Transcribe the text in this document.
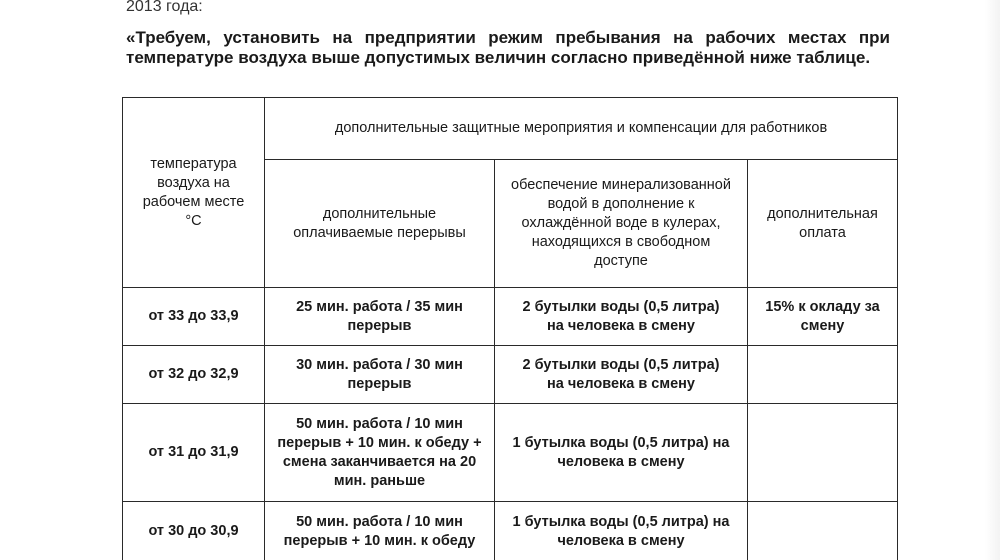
2013 года:
«Требуем, установить на предприятии режим пребывания на рабочих местах при температуре воздуха выше допустимых величин согласно приведённой ниже таблице.
температура воздуха на рабочем месте °С	дополнительные защитные мероприятия и компенсации для работников		
	дополнительные оплачиваемые перерывы	обеспечение минерализованной водой в дополнение к охлаждённой воде в кулерах, находящихся в свободном доступе	дополнительная оплата
от 33 до 33,9	25 мин. работа / 35 мин перерыв	2 бутылки воды (0,5 литра) на человека в смену	15% к окладу за смену
от 32 до 32,9	30 мин. работа / 30 мин перерыв	2 бутылки воды (0,5 литра) на человека в смену	
от 31 до 31,9	50 мин. работа / 10 мин перерыв + 10 мин. к обеду + смена заканчивается на 20 мин. раньше	1 бутылка воды (0,5 литра) на человека в смену	
от 30 до 30,9	50 мин. работа / 10 мин перерыв + 10 мин. к обеду	1 бутылка воды (0,5 литра) на человека в смену	
